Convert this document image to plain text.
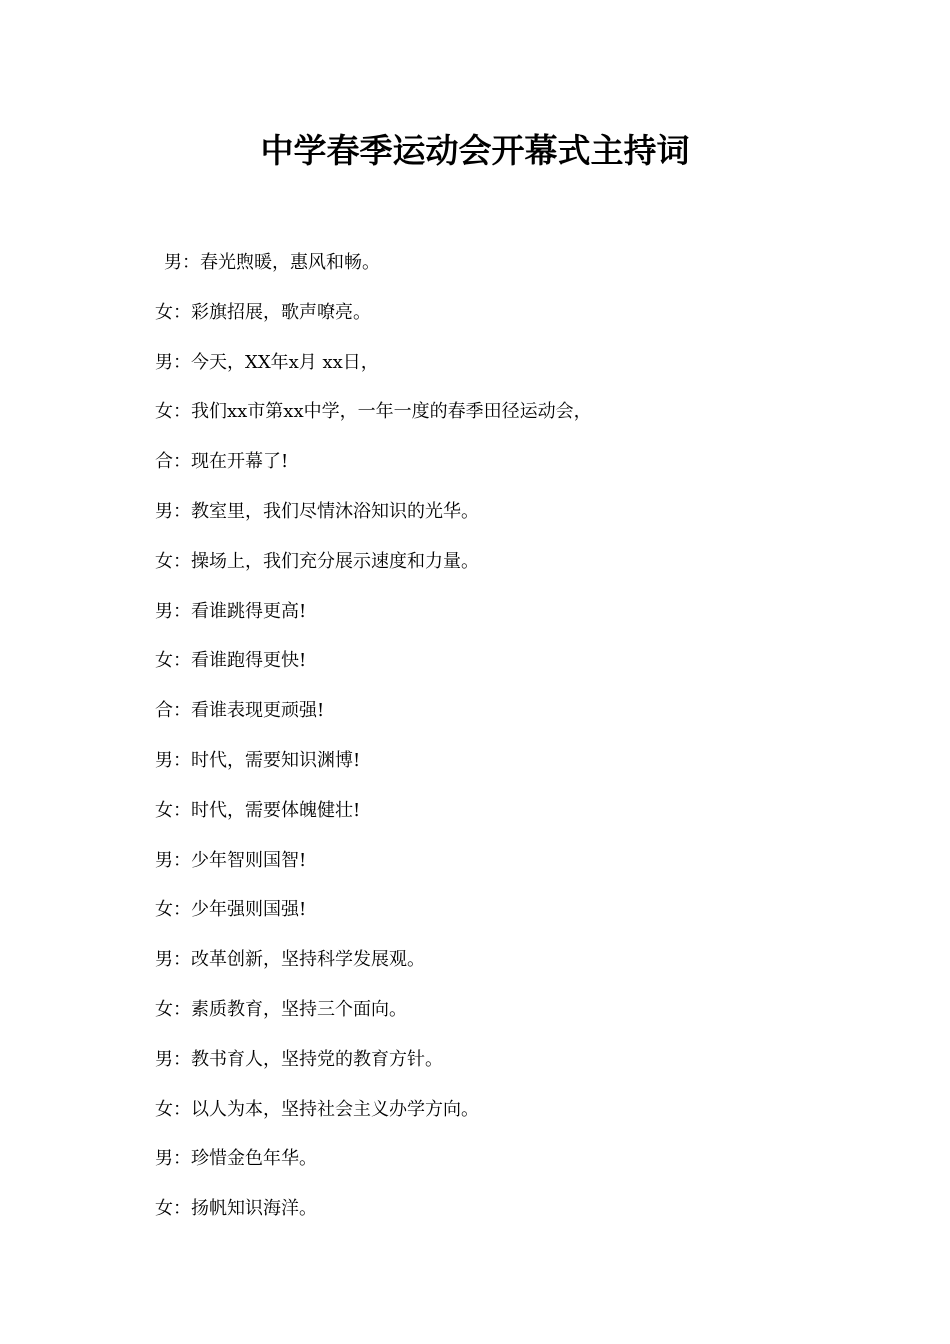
中学春季运动会开幕式主持词
男：春光煦暖，惠风和畅。
女：彩旗招展，歌声嘹亮。
男：今天，XX年x月 xx日，
女：我们xx市第xx中学，一年一度的春季田径运动会，
合：现在开幕了!
男：教室里，我们尽情沐浴知识的光华。
女：操场上，我们充分展示速度和力量。
男：看谁跳得更高!
女：看谁跑得更快!
合：看谁表现更顽强!
男：时代，需要知识渊博!
女：时代，需要体魄健壮!
男：少年智则国智!
女：少年强则国强!
男：改革创新，坚持科学发展观。
女：素质教育，坚持三个面向。
男：教书育人，坚持党的教育方针。
女：以人为本，坚持社会主义办学方向。
男：珍惜金色年华。
女：扬帆知识海洋。
